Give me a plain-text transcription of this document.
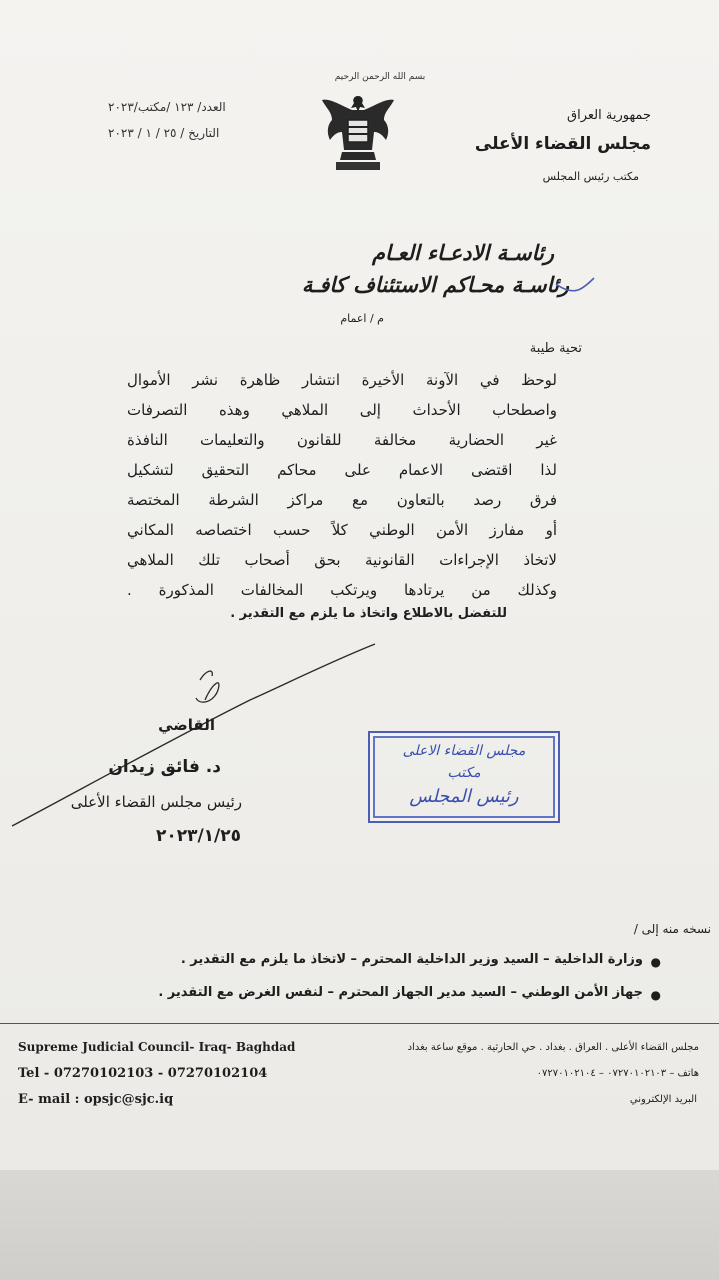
بسم الله الرحمن الرحيم
جمهورية العراق
مجلس القضاء الأعلى
مكتب رئيس المجلس
العدد/ ١٢٣ /مكتب/٢٠٢٣
التاريخ / ٢٥ / ١ / ٢٠٢٣
رئاسـة الادعـاء العـام
رئاسـة محـاكم الاستئناف كافـة
م / اعمام
تحية طيبة
لوحظ في الآونة الأخيرة انتشار ظاهرة نشر الأموال
واصطحاب الأحداث إلى الملاهي وهذه التصرفات
غير الحضارية مخالفة للقانون والتعليمات النافذة
لذا اقتضى الاعمام على محاكم التحقيق لتشكيل
فرق رصد بالتعاون مع مراكز الشرطة المختصة
أو مفارز الأمن الوطني كلاً حسب اختصاصه المكاني
لاتخاذ الإجراءات القانونية بحق أصحاب تلك الملاهي
وكذلك من يرتادها ويرتكب المخالفات المذكورة .
للتفضل بالاطلاع واتخاذ ما يلزم مع التقدير .
القاضي
د. فائق زيدان
رئيس مجلس القضاء الأعلى
٢٠٢٣/١/٢٥
مجلس القضاء الاعلى
مكتب
رئيس المجلس
نسخه منه إلى /
●
وزارة الداخلية – السيد وزير الداخلية المحترم – لاتخاذ ما يلزم مع التقدير .
●
جهاز الأمن الوطني – السيد مدير الجهاز المحترم – لنفس الغرض مع التقدير .
Supreme Judicial Council- Iraq- Baghdad
Tel - 07270102103 - 07270102104
E- mail : opsjc@sjc.iq
مجلس القضاء الأعلى . العراق . بغداد . حي الحارثية . موقع ساعة بغداد
هاتف – ٠٧٢٧٠١٠٢١٠٣ – ٠٧٢٧٠١٠٢١٠٤
البريد الإلكتروني
